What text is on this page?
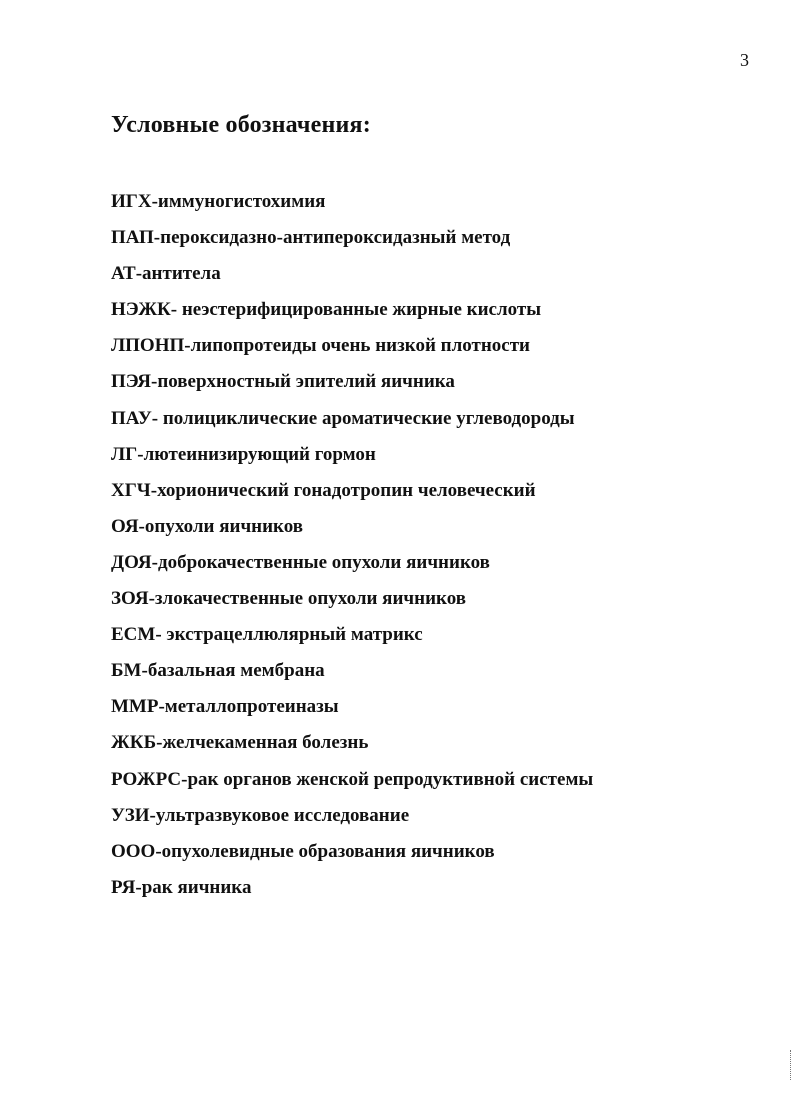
3
Условные обозначения:
ИГХ-иммуногистохимия
ПАП-пероксидазно-антипероксидазный метод
АТ-антитела
НЭЖК- неэстерифицированные жирные кислоты
ЛПОНП-липопротеиды очень низкой плотности
ПЭЯ-поверхностный эпителий яичника
ПАУ- полициклические ароматические углеводороды
ЛГ-лютеинизирующий гормон
ХГЧ-хорионический гонадотропин человеческий
ОЯ-опухоли яичников
ДОЯ-доброкачественные опухоли яичников
ЗОЯ-злокачественные опухоли яичников
ЕСМ- экстрацеллюлярный матрикс
БМ-базальная мембрана
ММР-металлопротеиназы
ЖКБ-желчекаменная болезнь
РОЖРС-рак органов женской репродуктивной системы
УЗИ-ультразвуковое исследование
ООО-опухолевидные образования яичников
РЯ-рак яичника
